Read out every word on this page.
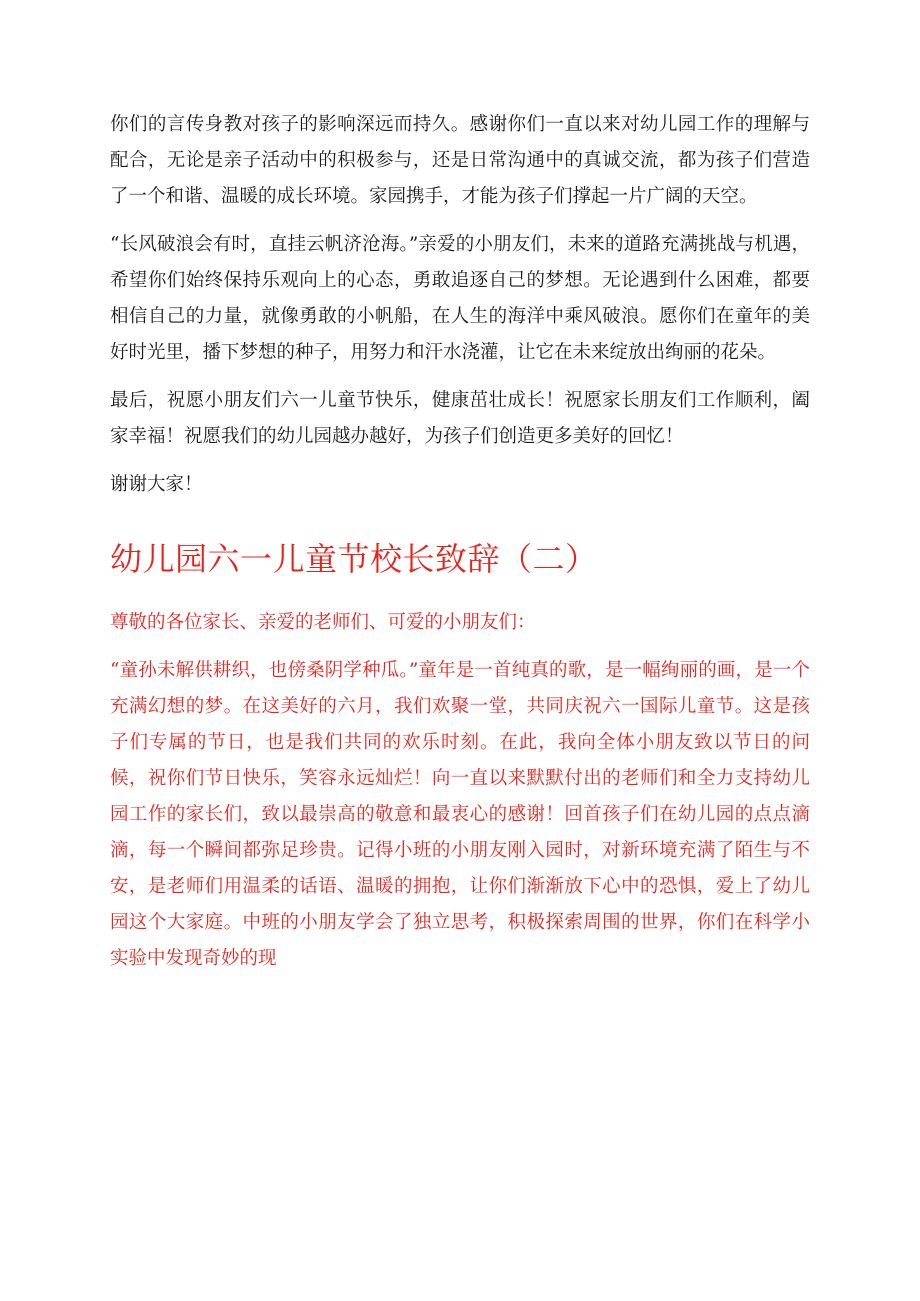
你们的言传身教对孩子的影响深远而持久。感谢你们一直以来对幼儿园工作的理解与配合，无论是亲子活动中的积极参与，还是日常沟通中的真诚交流，都为孩子们营造了一个和谐、温暖的成长环境。家园携手，才能为孩子们撑起一片广阔的天空。

“长风破浪会有时，直挂云帆济沧海。”亲爱的小朋友们，未来的道路充满挑战与机遇，希望你们始终保持乐观向上的心态，勇敢追逐自己的梦想。无论遇到什么困难，都要相信自己的力量，就像勇敢的小帆船，在人生的海洋中乘风破浪。愿你们在童年的美好时光里，播下梦想的种子，用努力和汗水浇灌，让它在未来绽放出绚丽的花朵。

最后，祝愿小朋友们六一儿童节快乐，健康茁壮成长！祝愿家长朋友们工作顺利，阖家幸福！祝愿我们的幼儿园越办越好，为孩子们创造更多美好的回忆！

谢谢大家！

幼儿园六一儿童节校长致辞（二）

尊敬的各位家长、亲爱的老师们、可爱的小朋友们：

“童孙未解供耕织，也傍桑阴学种瓜。”童年是一首纯真的歌，是一幅绚丽的画，是一个充满幻想的梦。在这美好的六月，我们欢聚一堂，共同庆祝六一国际儿童节。这是孩子们专属的节日，也是我们共同的欢乐时刻。在此，我向全体小朋友致以节日的问候，祝你们节日快乐，笑容永远灿烂！向一直以来默默付出的老师们和全力支持幼儿园工作的家长们，致以最崇高的敬意和最衷心的感谢！回首孩子们在幼儿园的点点滴滴，每一个瞬间都弥足珍贵。记得小班的小朋友刚入园时，对新环境充满了陌生与不安，是老师们用温柔的话语、温暖的拥抱，让你们渐渐放下心中的恐惧，爱上了幼儿园这个大家庭。中班的小朋友学会了独立思考，积极探索周围的世界，你们在科学小实验中发现奇妙的现
